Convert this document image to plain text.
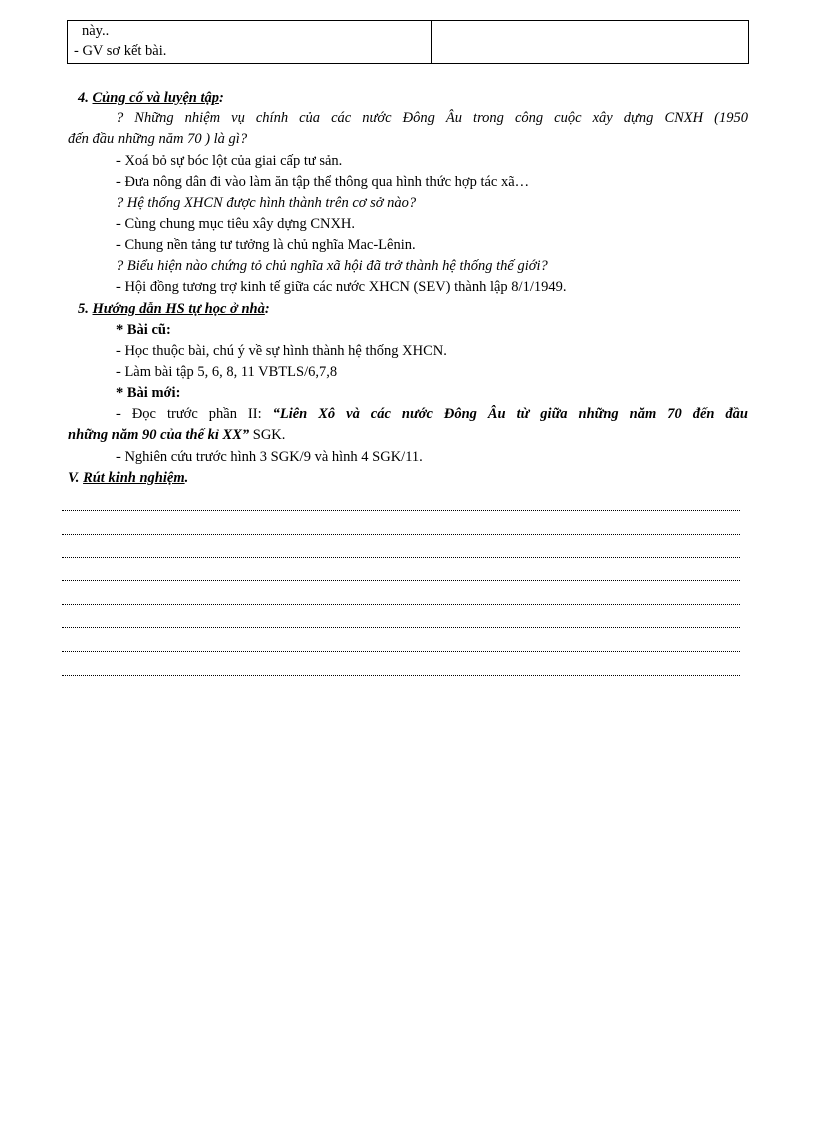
này..
- GV sơ kết bài.

4. Củng cố và luyện tập:
? Những nhiệm vụ chính của các nước Đông Âu trong công cuộc xây dựng CNXH (1950
đến đầu những năm 70 ) là gì?
- Xoá bỏ sự bóc lột của giai cấp tư sản.
- Đưa nông dân đi vào làm ăn tập thể thông qua hình thức hợp tác xã…
? Hệ thống XHCN được hình thành trên cơ sở nào?
- Cùng chung mục tiêu xây dựng CNXH.
- Chung nền tảng tư tưởng là chủ nghĩa Mac-Lênin.
? Biểu hiện nào chứng tỏ chủ nghĩa xã hội đã trở thành hệ thống thế giới?
- Hội đồng tương trợ kinh tế giữa các nước XHCN (SEV) thành lập 8/1/1949.
5. Hướng dẫn HS tự học ở nhà:
* Bài cũ:
- Học thuộc bài, chú ý về sự hình thành hệ thống XHCN.
- Làm bài tập 5, 6, 8, 11 VBTLS/6,7,8
* Bài mới:
- Đọc trước phần II: “Liên Xô và các nước Đông Âu từ giữa những năm 70 đến đầu
những năm 90 của thế kỉ XX” SGK.
- Nghiên cứu trước hình 3 SGK/9 và hình 4 SGK/11.
V. Rút kinh nghiệm.
